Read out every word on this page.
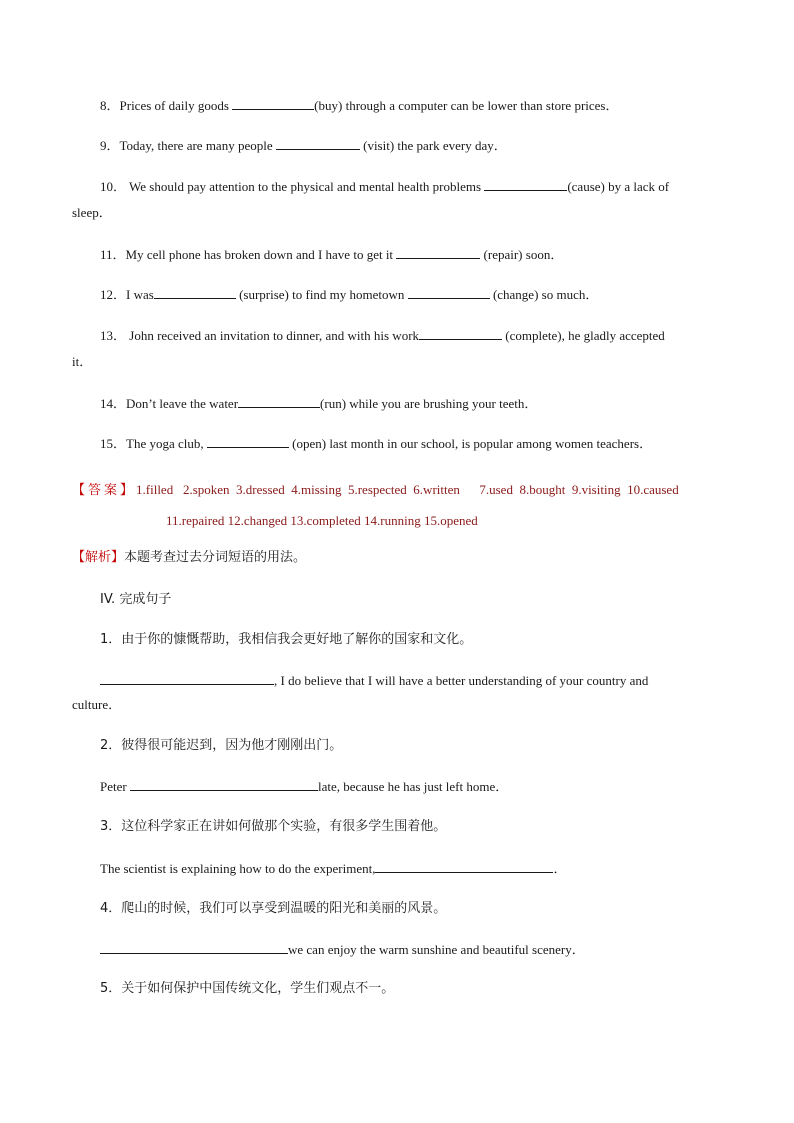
8．Prices of daily goods	(buy) through a computer can be lower than store prices．
9．Today, there are many people	(visit) the park every day．
10． We should pay attention to the physical and mental health problems	(cause) by a lack of
sleep．
11．My cell phone has broken down and I have to get it	(repair) soon．
12．I was	(surprise) to find my hometown	(change) so much．
13． John received an invitation to dinner, and with his work	(complete), he gladly accepted
it．
14．Don’t leave the water	(run) while you are brushing your teeth．
15．The yoga club,	(open) last month in our school, is popular among women teachers．
【答案】1.filled   2.spoken  3.dressed  4.missing  5.respected  6.written      7.used  8.bought  9.visiting  10.caused
11.repaired 12.changed 13.completed 14.running 15.opened
【解析】本题考查过去分词短语的用法。
IV. 完成句子
1．由于你的慷慨帮助，我相信我会更好地了解你的国家和文化。
, I do believe that I will have a better understanding of your country and
culture．
2．彼得很可能迟到，因为他才刚刚出门。
Peter	late, because he has just left home．
3．这位科学家正在讲如何做那个实验，有很多学生围着他。
The scientist is explaining how to do the experiment,	．
4．爬山的时候，我们可以享受到温暖的阳光和美丽的风景。
we can enjoy the warm sunshine and beautiful scenery．
5．关于如何保护中国传统文化，学生们观点不一。
